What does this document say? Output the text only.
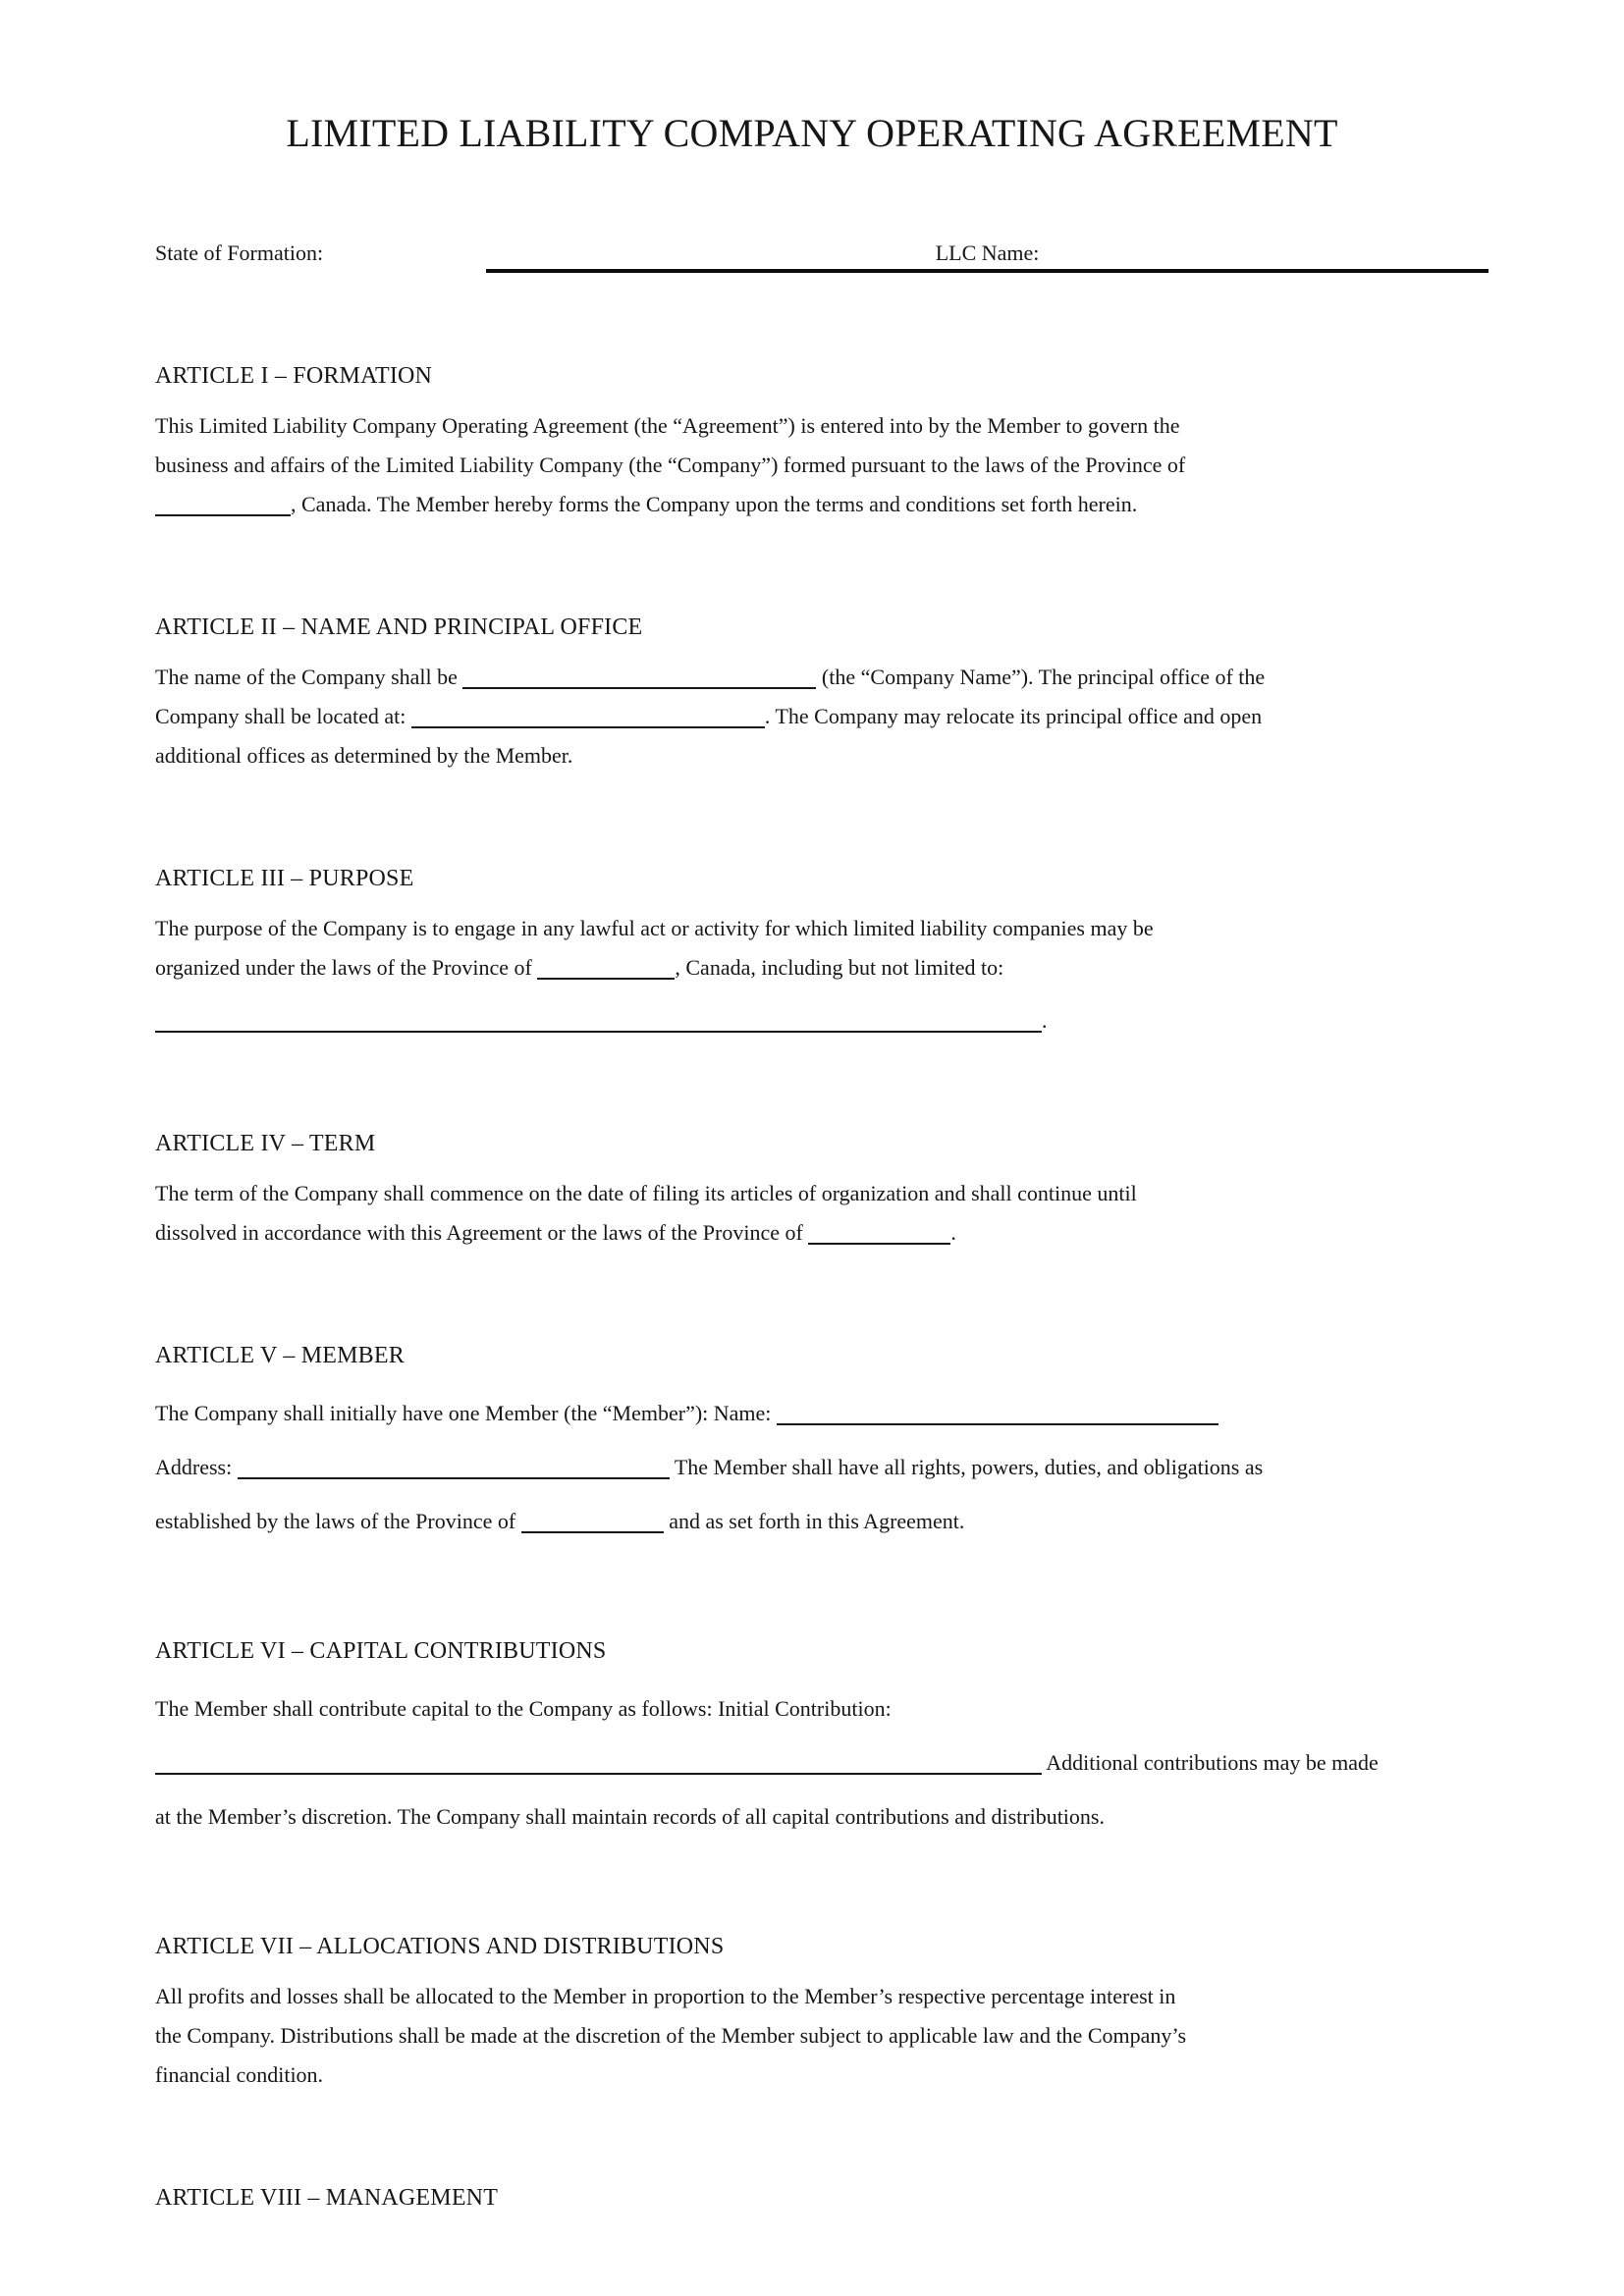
LIMITED LIABILITY COMPANY OPERATING AGREEMENT
State of Formation:	LLC Name:
ARTICLE I – FORMATION

This Limited Liability Company Operating Agreement (the “Agreement”) is entered into by the Member to govern the
business and affairs of the Limited Liability Company (the “Company”) formed pursuant to the laws of the Province of
, Canada. The Member hereby forms the Company upon the terms and conditions set forth herein.

ARTICLE II – NAME AND PRINCIPAL OFFICE

The name of the Company shall be	(the “Company Name”). The principal office of the
Company shall be located at:	. The Company may relocate its principal office and open
additional offices as determined by the Member.

ARTICLE III – PURPOSE

The purpose of the Company is to engage in any lawful act or activity for which limited liability companies may be
organized under the laws of the Province of	, Canada, including but not limited to:

.

ARTICLE IV – TERM

The term of the Company shall commence on the date of filing its articles of organization and shall continue until
dissolved in accordance with this Agreement or the laws of the Province of	.

ARTICLE V – MEMBER

The Company shall initially have one Member (the “Member”): Name:
Address:	The Member shall have all rights, powers, duties, and obligations as
established by the laws of the Province of	and as set forth in this Agreement.

ARTICLE VI – CAPITAL CONTRIBUTIONS

The Member shall contribute capital to the Company as follows: Initial Contribution:
Additional contributions may be made
at the Member’s discretion. The Company shall maintain records of all capital contributions and distributions.

ARTICLE VII – ALLOCATIONS AND DISTRIBUTIONS

All profits and losses shall be allocated to the Member in proportion to the Member’s respective percentage interest in
the Company. Distributions shall be made at the discretion of the Member subject to applicable law and the Company’s
financial condition.

ARTICLE VIII – MANAGEMENT
